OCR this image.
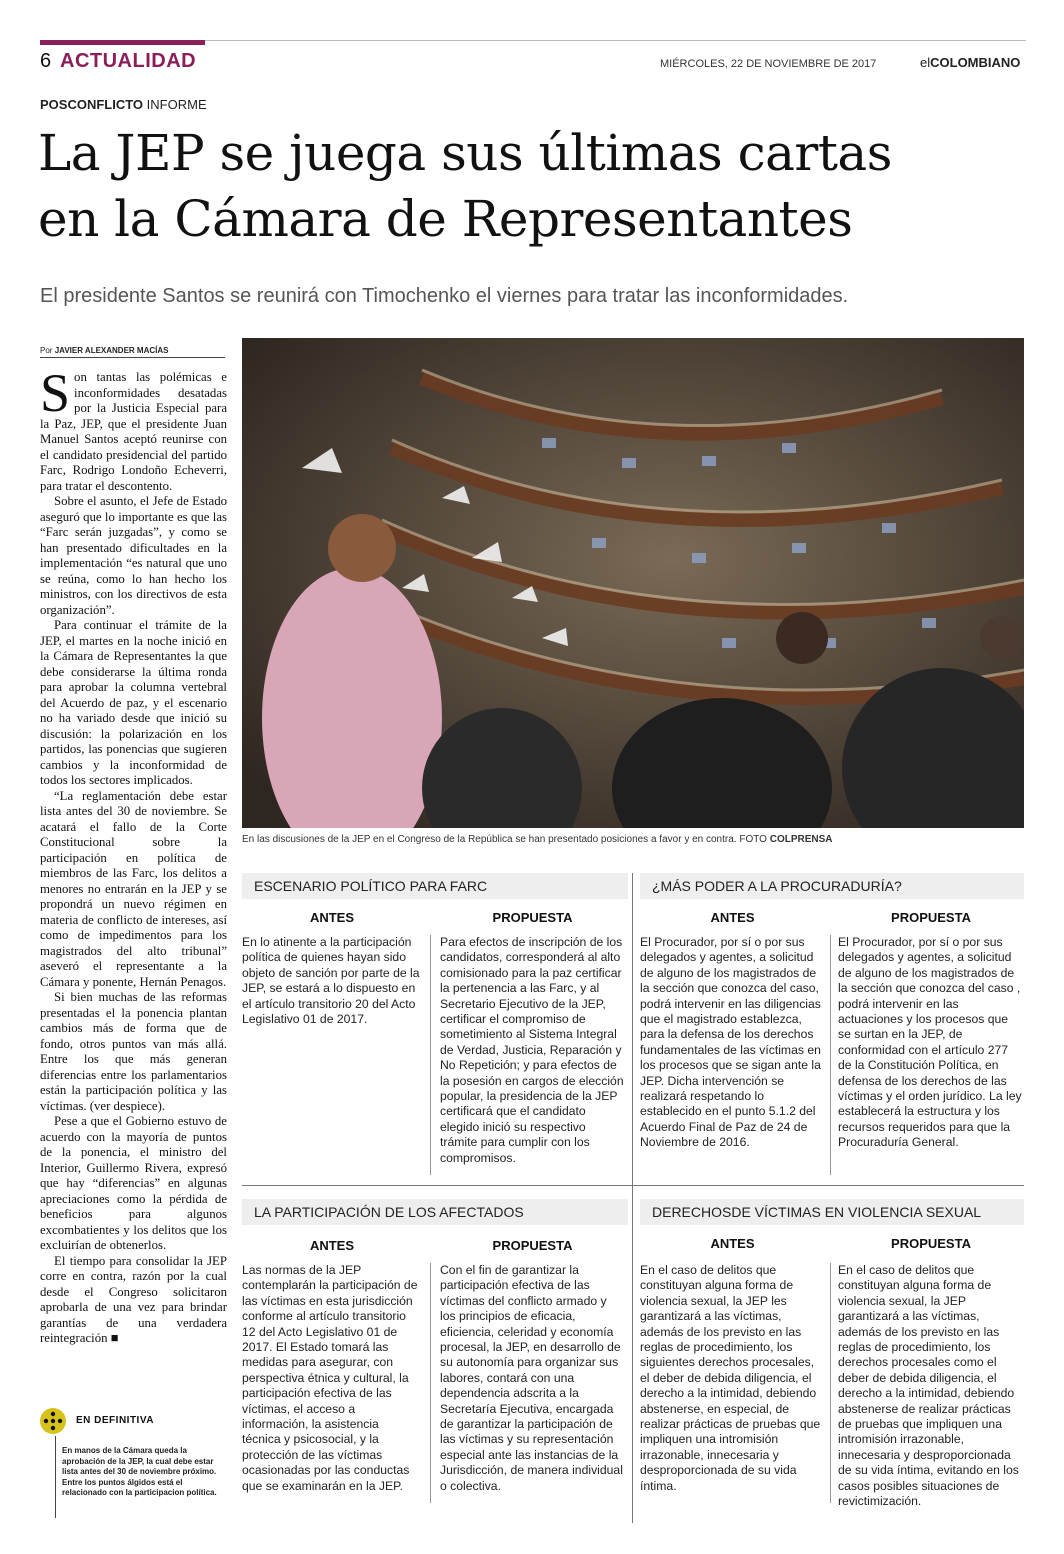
6 ACTUALIDAD	MIÉRCOLES, 22 DE NOVIEMBRE DE 2017	elCOLOMBIANO
POSCONFLICTO INFORME
La JEP se juega sus últimas cartas
en la Cámara de Representantes
El presidente Santos se reunirá con Timochenko el viernes para tratar las inconformidades.
Por JAVIER ALEXANDER MACÍAS

Son tantas las polémicas e inconformidades desatadas por la Justicia Especial para la Paz, JEP, que el presidente Juan Manuel Santos aceptó reunirse con el candidato presidencial del partido Farc, Rodrigo Londoño Echeverri, para tratar el descontento.

Sobre el asunto, el Jefe de Estado aseguró que lo importante es que las “Farc serán juzgadas”, y como se han presentado dificultades en la implementación “es natural que uno se reúna, como lo han hecho los ministros, con los directivos de esta organización”.

Para continuar el trámite de la JEP, el martes en la noche inició en la Cámara de Representantes la que debe considerarse la última ronda para aprobar la columna vertebral del Acuerdo de paz, y el escenario no ha variado desde que inició su discusión: la polarización en los partidos, las ponencias que sugieren cambios y la inconformidad de todos los sectores implicados.

“La reglamentación debe estar lista antes del 30 de noviembre. Se acatará el fallo de la Corte Constitucional sobre la participación en política de miembros de las Farc, los delitos a menores no entrarán en la JEP y se propondrá un nuevo régimen en materia de conflicto de intereses, así como de impedimentos para los magistrados del alto tribunal” aseveró el representante a la Cámara y ponente, Hernán Penagos.

Si bien muchas de las reformas presentadas el la ponencia plantan cambios más de forma que de fondo, otros puntos van más allá. Entre los que más generan diferencias entre los parlamentarios están la participación política y las víctimas. (ver despiece).

Pese a que el Gobierno estuvo de acuerdo con la mayoría de puntos de la ponencia, el ministro del Interior, Guillermo Rivera, expresó que hay “diferencias” en algunas apreciaciones como la pérdida de beneficios para algunos excombatientes y los delitos que los excluirían de obtenerlos.

El tiempo para consolidar la JEP corre en contra, razón por la cual desde el Congreso solicitaron aprobarla de una vez para brindar garantías de una verdadera reintegración ■

En las discusiones de la JEP en el Congreso de la República se han presentado posiciones a favor y en contra. FOTO COLPRENSA
EN DEFINITIVA
En manos de la Cámara queda la aprobación de la JEP, la cual debe estar lista antes del 30 de noviembre próximo. Entre los puntos álgidos está el relacionado con la participacion política.
ESCENARIO POLÍTICO PARA FARC
ANTES	PROPUESTA
En lo atinente a la participación política de quienes hayan sido objeto de sanción por parte de la JEP, se estará a lo dispuesto en el artículo transitorio 20 del Acto Legislativo 01 de 2017.
Para efectos de inscripción de los candidatos, corresponderá al alto comisionado para la paz certificar la pertenencia a las Farc, y al Secretario Ejecutivo de la JEP, certificar el compromiso de sometimiento al Sistema Integral de Verdad, Justicia, Reparación y No Repetición; y para efectos de la posesión en cargos de elección popular, la presidencia de la JEP certificará que el candidato elegido inició su respectivo trámite para cumplir con los compromisos.
¿MÁS PODER A LA PROCURADURÍA?
ANTES	PROPUESTA
El Procurador, por sí o por sus delegados y agentes, a solicitud de alguno de los magistrados de la sección que conozca del caso, podrá intervenir en las diligencias que el magistrado establezca, para la defensa de los derechos fundamentales de las víctimas en los procesos que se sigan ante la JEP. Dicha intervención se realizará respetando lo establecido en el punto 5.1.2 del Acuerdo Final de Paz de 24 de Noviembre de 2016.
El Procurador, por sí o por sus delegados y agentes, a solicitud de alguno de los magistrados de la sección que conozca del caso , podrá intervenir en las actuaciones y los procesos que se surtan en la JEP, de conformidad con el artículo 277 de la Constitución Política, en defensa de los derechos de las víctimas y el orden jurídico. La ley establecerá la estructura y los recursos requeridos para que la Procuraduría General.
LA PARTICIPACIÓN DE LOS AFECTADOS
ANTES	PROPUESTA
Las normas de la JEP contemplarán la participación de las víctimas en esta jurisdicción conforme al artículo transitorio 12 del Acto Legislativo 01 de 2017. El Estado tomará las medidas para asegurar, con perspectiva étnica y cultural, la participación efectiva de las víctimas, el acceso a información, la asistencia técnica y psicosocial, y la protección de las víctimas ocasionadas por las conductas que se examinarán en la JEP.
Con el fin de garantizar la participación efectiva de las víctimas del conflicto armado y los principios de eficacia, eficiencia, celeridad y economía procesal, la JEP, en desarrollo de su autonomía para organizar sus labores, contará con una dependencia adscrita a la Secretaría Ejecutiva, encargada de garantizar la participación de las víctimas y su representación especial ante las instancias de la Jurisdicción, de manera individual o colectiva.
DERECHOSDE VÍCTIMAS EN VIOLENCIA SEXUAL
ANTES	PROPUESTA
En el caso de delitos que constituyan alguna forma de violencia sexual, la JEP les garantizará a las víctimas, además de los previsto en las reglas de procedimiento, los siguientes derechos procesales, el deber de debida diligencia, el derecho a la intimidad, debiendo abstenerse, en especial, de realizar prácticas de pruebas que impliquen una intromisión irrazonable, innecesaria y desproporcionada de su vida íntima.
En el caso de delitos que constituyan alguna forma de violencia sexual, la JEP garantizará a las víctimas, además de los previsto en las reglas de procedimiento, los derechos procesales como el deber de debida diligencia, el derecho a la intimidad, debiendo abstenerse de realizar prácticas de pruebas que impliquen una intromisión irrazonable, innecesaria y desproporcionada de su vida íntima, evitando en los casos posibles situaciones de revictimización.
